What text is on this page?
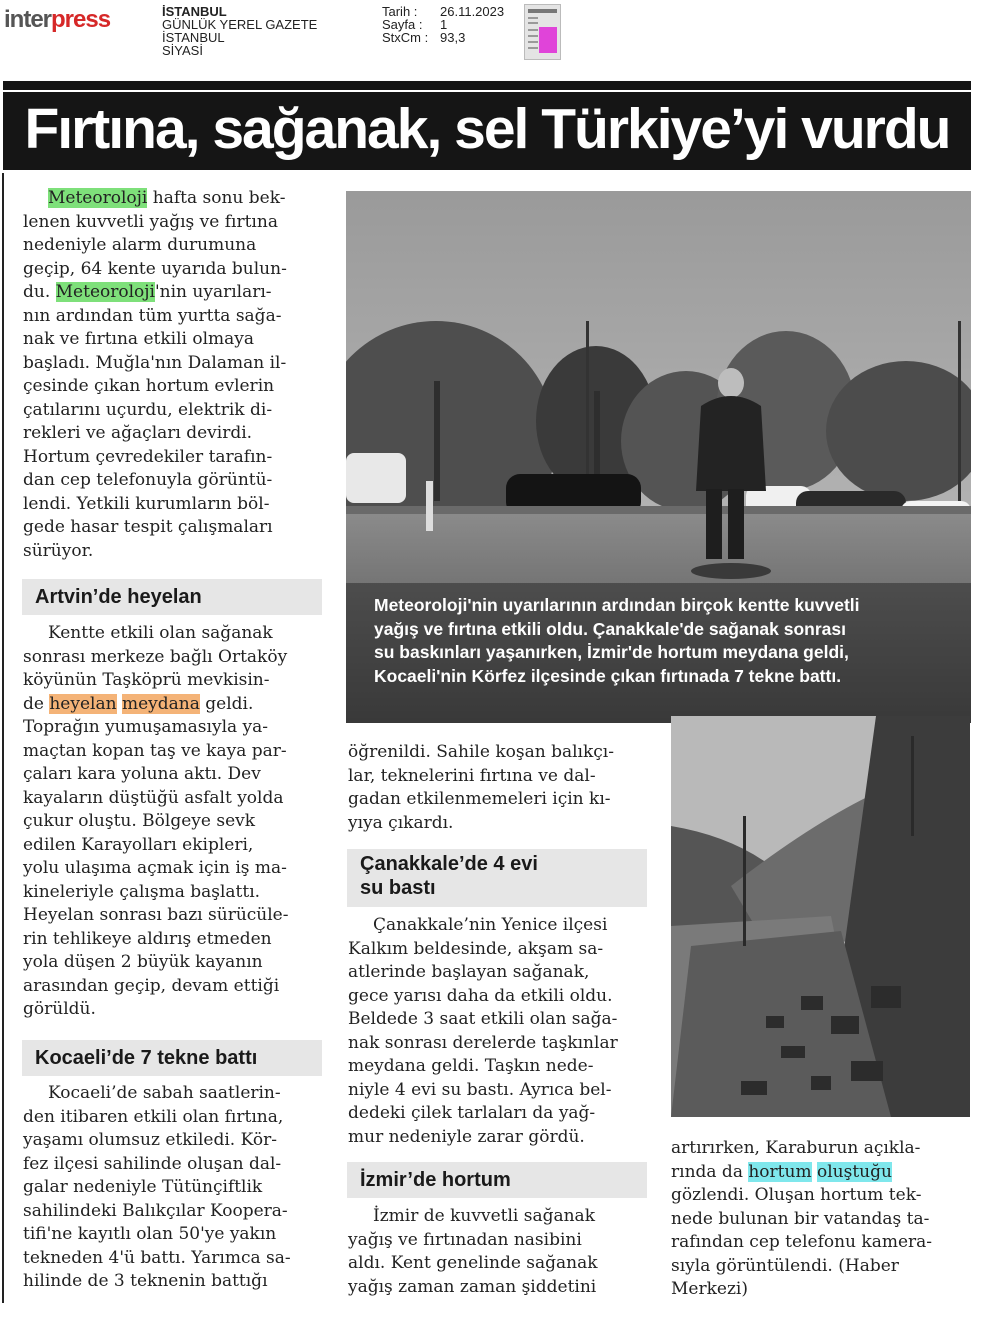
interpress	İSTANBUL
GÜNLÜK YEREL GAZETE
İSTANBUL
SİYASİ
Tarih : 26.11.2023
Sayfa : 1
StxCm : 93,3
Fırtına, sağanak, sel Türkiye’yi vurdu

Meteoroloji hafta sonu bek-
lenen kuvvetli yağış ve fırtına
nedeniyle alarm durumuna
geçip, 64 kente uyarıda bulun-
du. Meteoroloji'nin uyarıları-
nın ardından tüm yurtta sağa-
nak ve fırtına etkili olmaya
başladı. Muğla'nın Dalaman il-
çesinde çıkan hortum evlerin
çatılarını uçurdu, elektrik di-
rekleri ve ağaçları devirdi.
Hortum çevredekiler tarafın-
dan cep telefonuyla görüntü-
lendi. Yetkili kurumların böl-
gede hasar tespit çalışmaları
sürüyor.

Artvin’de heyelan

Kentte etkili olan sağanak
sonrası merkeze bağlı Ortaköy
köyünün Taşköprü mevkisin-
de heyelan meydana geldi.
Toprağın yumuşamasıyla ya-
maçtan kopan taş ve kaya par-
çaları kara yoluna aktı. Dev
kayaların düştüğü asfalt yolda
çukur oluştu. Bölgeye sevk
edilen Karayolları ekipleri,
yolu ulaşıma açmak için iş ma-
kineleriyle çalışma başlattı.
Heyelan sonrası bazı sürücüle-
rin tehlikeye aldırış etmeden
yola düşen 2 büyük kayanın
arasından geçip, devam ettiği
görüldü.

Kocaeli’de 7 tekne battı

Kocaeli’de sabah saatlerin-
den itibaren etkili olan fırtına,
yaşamı olumsuz etkiledi. Kör-
fez ilçesi sahilinde oluşan dal-
galar nedeniyle Tütünçiftlik
sahilindeki Balıkçılar Koopera-
tifi'ne kayıtlı olan 50'ye yakın
tekneden 4'ü battı. Yarımca sa-
hilinde de 3 teknenin battığı

Meteoroloji'nin uyarılarının ardından birçok kentte kuvvetli
yağış ve fırtına etkili oldu. Çanakkale'de sağanak sonrası
su baskınları yaşanırken, İzmir'de hortum meydana geldi,
Kocaeli'nin Körfez ilçesinde çıkan fırtınada 7 tekne battı.

öğrenildi. Sahile koşan balıkçı-
lar, teknelerini fırtına ve dal-
gadan etkilenmemeleri için kı-
yıya çıkardı.

Çanakkale’de 4 evi
su bastı

Çanakkale’nin Yenice ilçesi
Kalkım beldesinde, akşam sa-
atlerinde başlayan sağanak,
gece yarısı daha da etkili oldu.
Beldede 3 saat etkili olan sağa-
nak sonrası derelerde taşkınlar
meydana geldi. Taşkın nede-
niyle 4 evi su bastı. Ayrıca bel-
dedeki çilek tarlaları da yağ-
mur nedeniyle zarar gördü.

İzmir’de hortum

İzmir de kuvvetli sağanak
yağış ve fırtınadan nasibini
aldı. Kent genelinde sağanak
yağış zaman zaman şiddetini

artırırken, Karaburun açıkla-
rında da hortum oluştuğu
gözlendi. Oluşan hortum tek-
nede bulunan bir vatandaş ta-
rafından cep telefonu kamera-
sıyla görüntülendi. (Haber
Merkezi)
